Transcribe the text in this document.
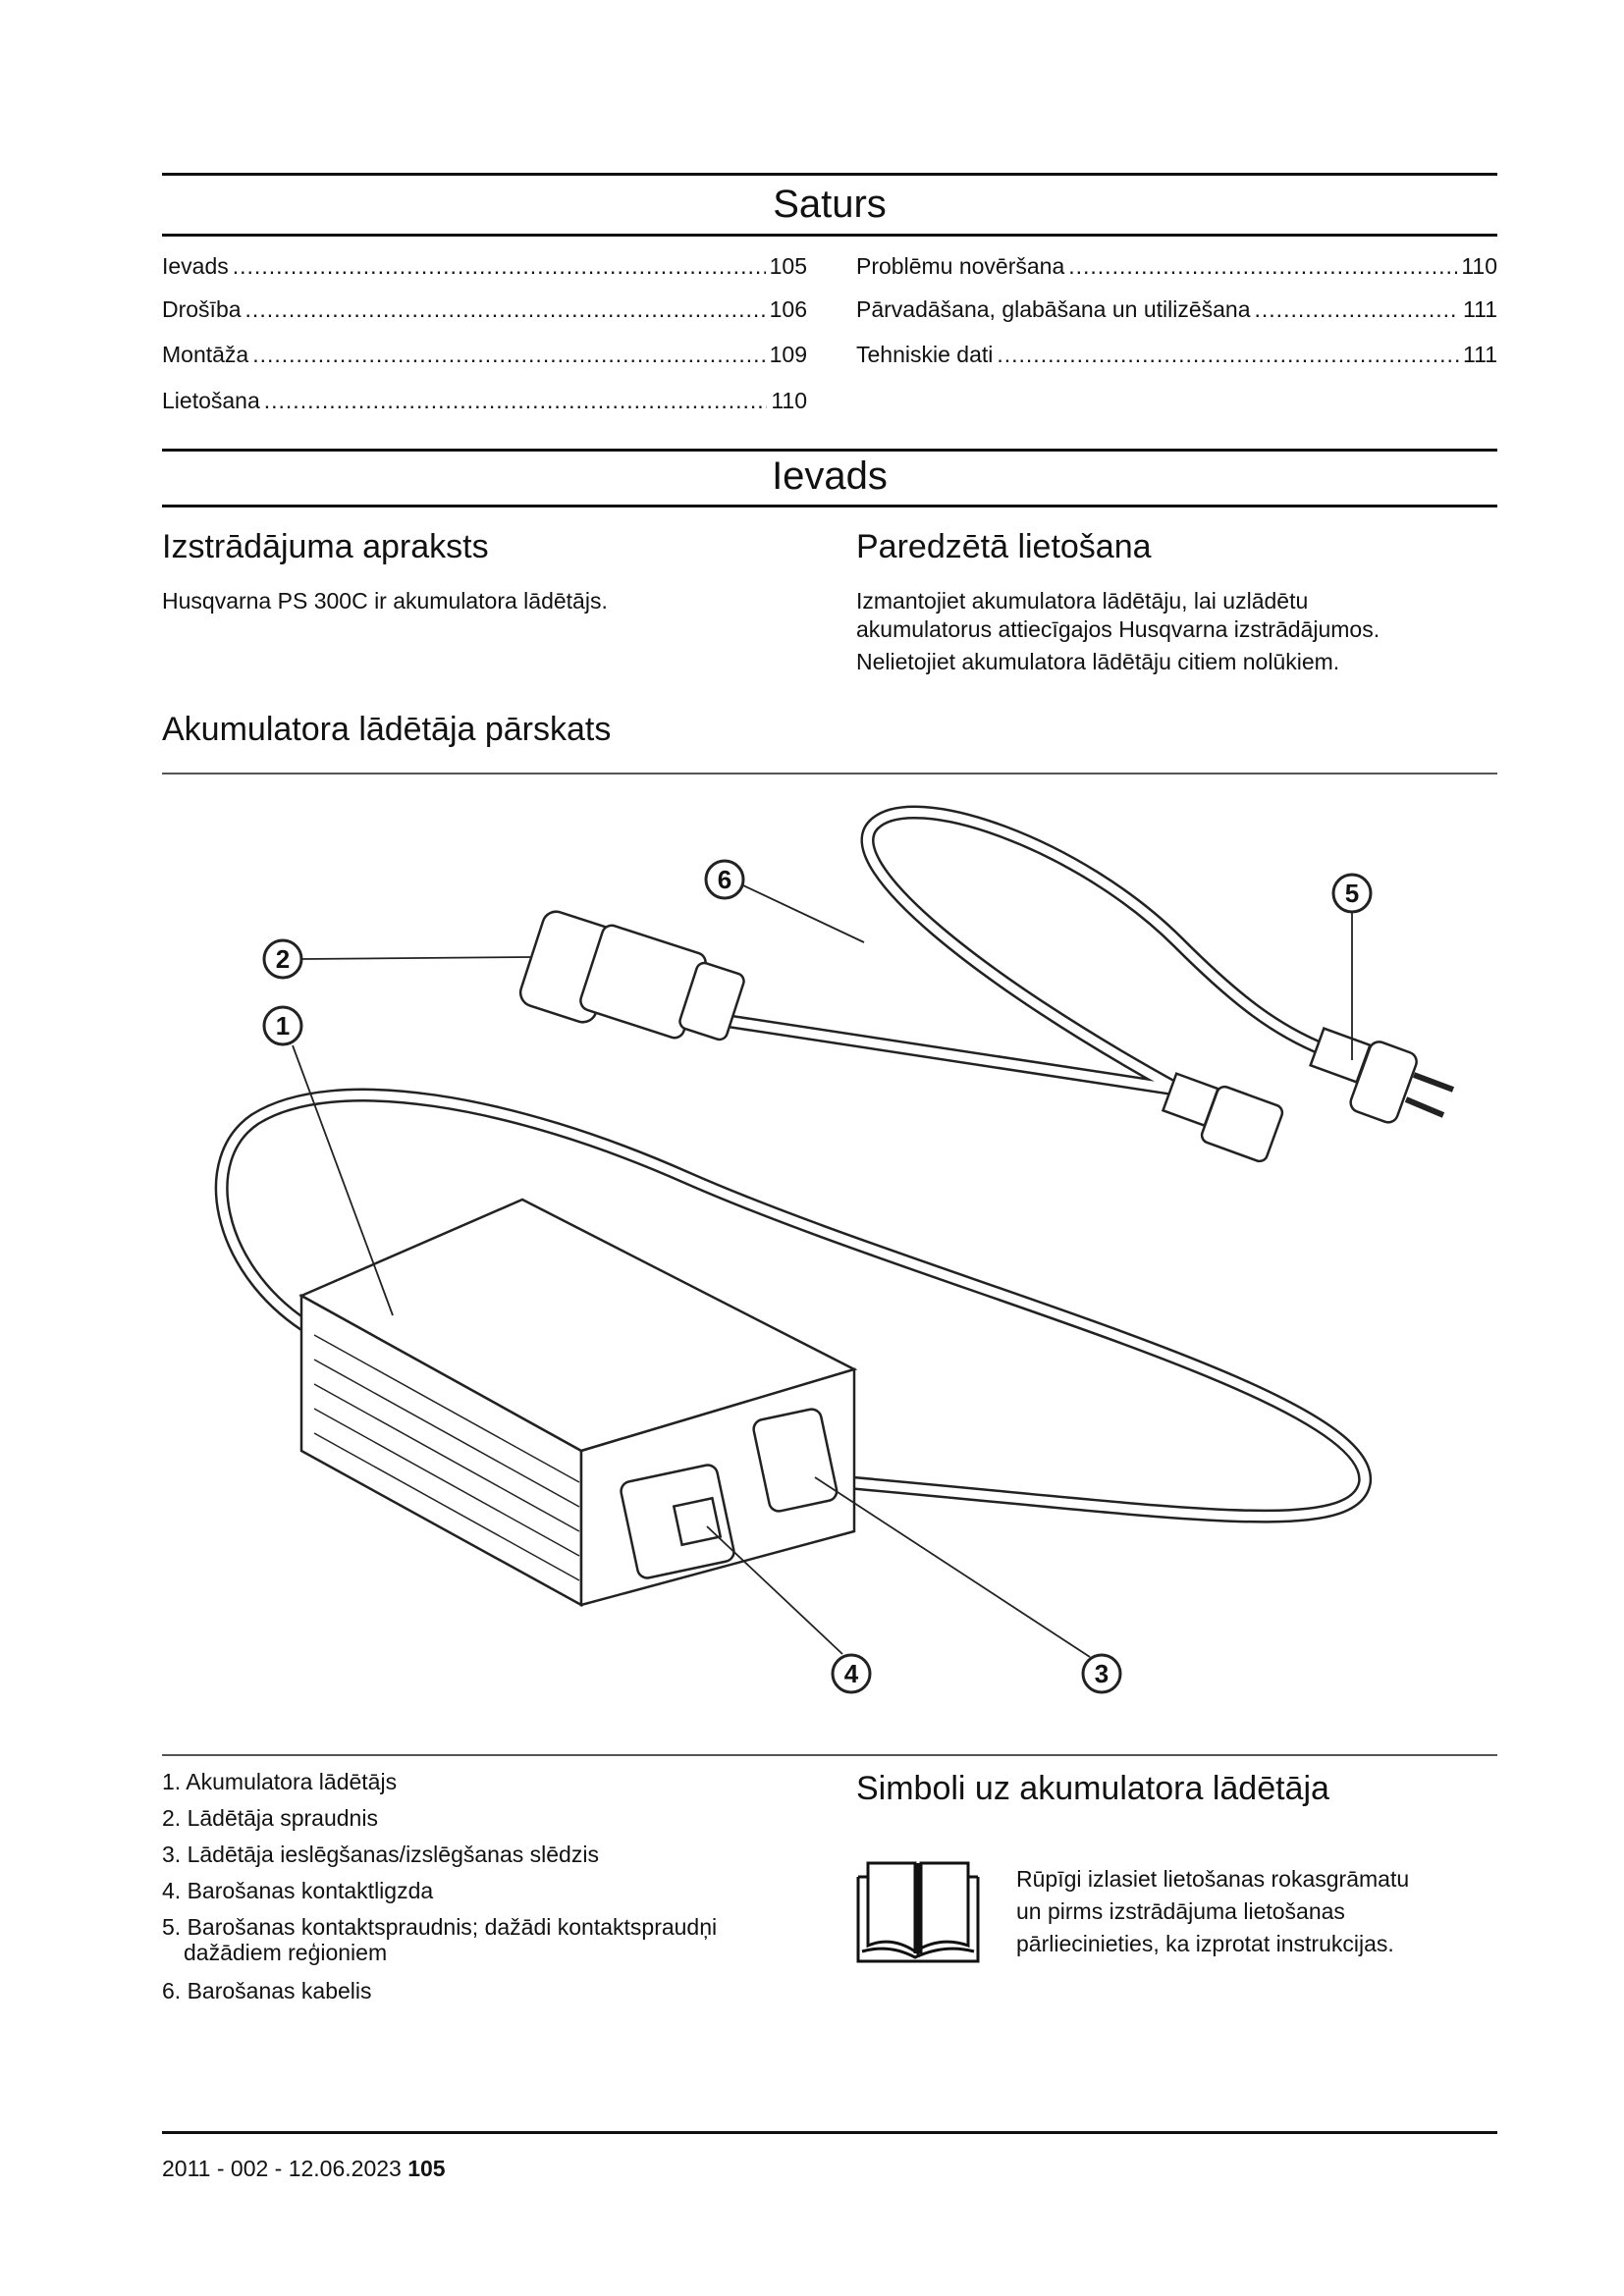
Saturs
Ievads .....	105
Drošība .....	106
Montāža .....	109
Lietošana .....	110
Problēmu novēršana .....	110
Pārvadāšana, glabāšana un utilizēšana .....	111
Tehniskie dati .....	111
Ievads
Izstrādājuma apraksts
Husqvarna PS 300C ir akumulatora lādētājs.
Paredzētā lietošana
Izmantojiet akumulatora lādētāju, lai uzlādētu
akumulatorus attiecīgajos Husqvarna izstrādājumos.
Nelietojiet akumulatora lādētāju citiem nolūkiem.
Akumulatora lādētāja pārskats
6	5
2
1
4	3
1. Akumulatora lādētājs
2. Lādētāja spraudnis
3. Lādētāja ieslēgšanas/izslēgšanas slēdzis
4. Barošanas kontaktligzda
5. Barošanas kontaktspraudnis; dažādi kontaktspraudņi
dažādiem reģioniem
6. Barošanas kabelis
Simboli uz akumulatora lādētāja
Rūpīgi izlasiet lietošanas rokasgrāmatu
un pirms izstrādājuma lietošanas
pārliecinieties, ka izprotat instrukcijas.
2011 - 002 - 12.06.2023 105
